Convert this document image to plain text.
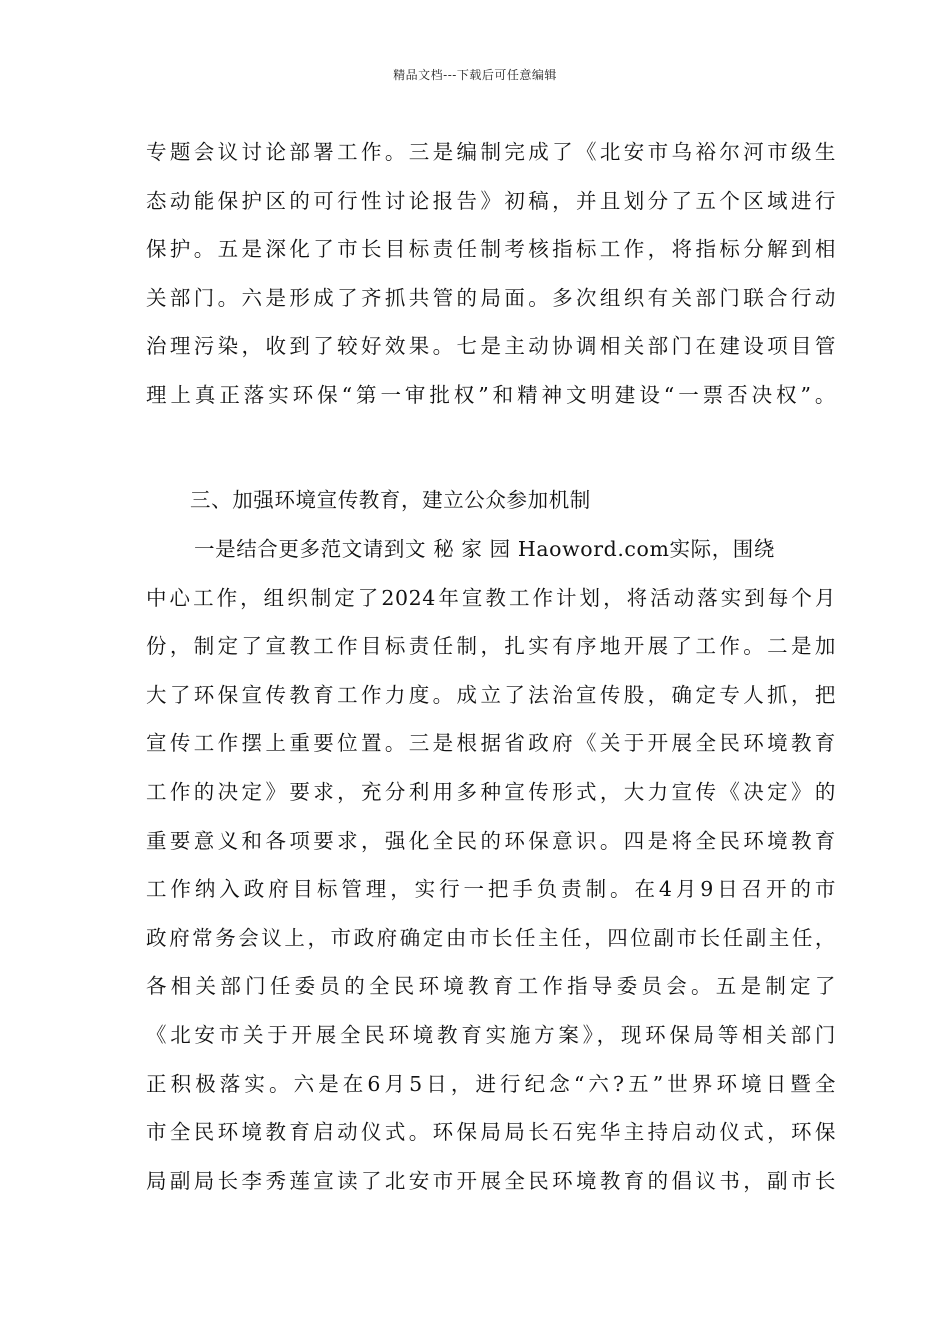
精品文档---下载后可任意编辑
专题会议讨论部署工作。三是编制完成了《北安市乌裕尔河市级生
态动能保护区的可行性讨论报告》初稿，并且划分了五个区域进行
保护。五是深化了市长目标责任制考核指标工作，将指标分解到相
关部门。六是形成了齐抓共管的局面。多次组织有关部门联合行动
治理污染，收到了较好效果。七是主动协调相关部门在建设项目管
理上真正落实环保“第一审批权”和精神文明建设“一票否决权”。
三、加强环境宣传教育，建立公众参加机制
一是结合更多范文请到文 秘 家 园 Haoword.com实际，围绕
中心工作，组织制定了2024年宣教工作计划，将活动落实到每个月
份，制定了宣教工作目标责任制，扎实有序地开展了工作。二是加
大了环保宣传教育工作力度。成立了法治宣传股，确定专人抓，把
宣传工作摆上重要位置。三是根据省政府《关于开展全民环境教育
工作的决定》要求，充分利用多种宣传形式，大力宣传《决定》的
重要意义和各项要求，强化全民的环保意识。四是将全民环境教育
工作纳入政府目标管理，实行一把手负责制。在4月9日召开的市
政府常务会议上，市政府确定由市长任主任，四位副市长任副主任，
各相关部门任委员的全民环境教育工作指导委员会。五是制定了
《北安市关于开展全民环境教育实施方案》，现环保局等相关部门
正积极落实。六是在6月5日，进行纪念“六?五”世界环境日暨全
市全民环境教育启动仪式。环保局局长石宪华主持启动仪式，环保
局副局长李秀莲宣读了北安市开展全民环境教育的倡议书，副市长
